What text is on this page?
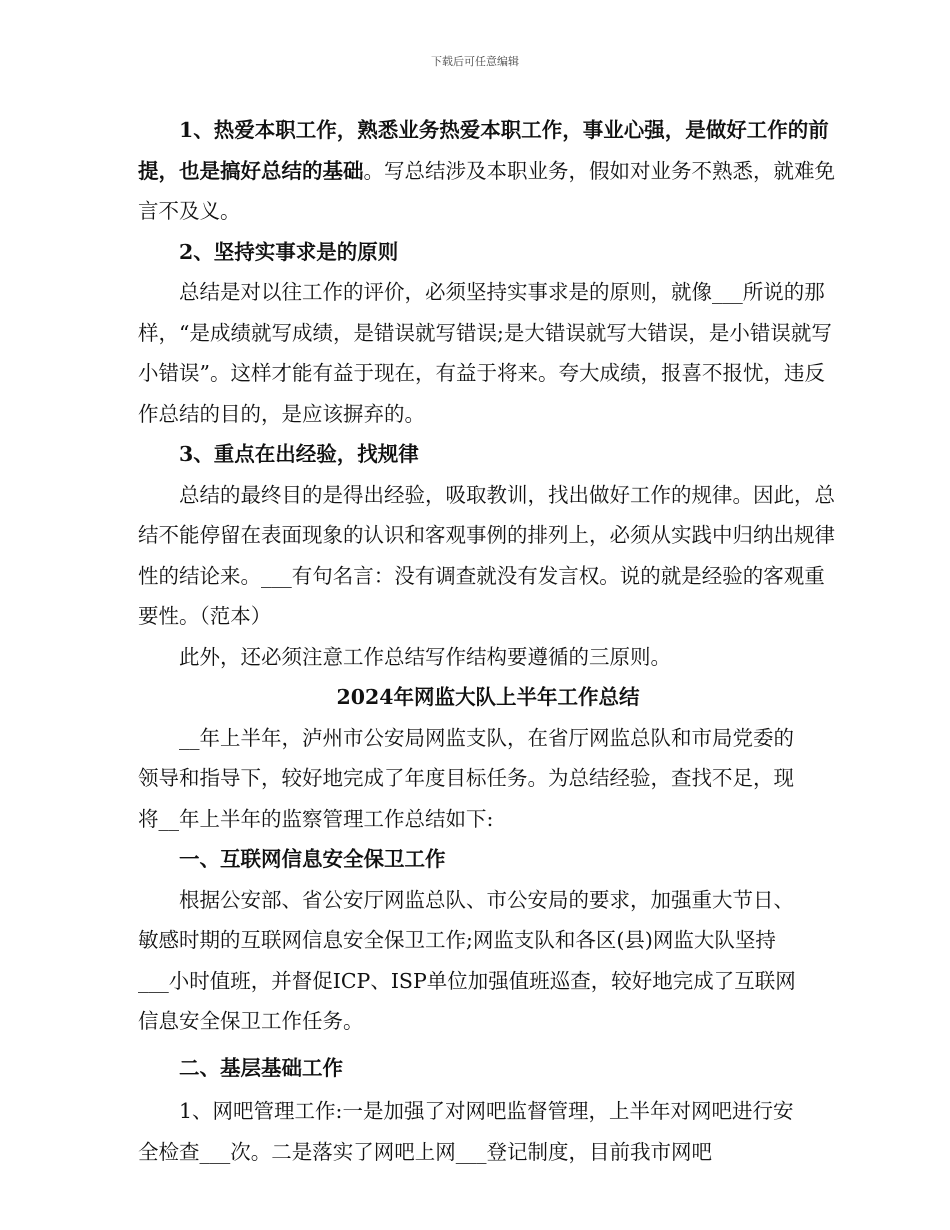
下载后可任意编辑

1、热爱本职工作，熟悉业务热爱本职工作，事业心强，是做好工作的前提，也是搞好总结的基础。写总结涉及本职业务，假如对业务不熟悉，就难免言不及义。

2、坚持实事求是的原则

总结是对以往工作的评价，必须坚持实事求是的原则，就像___所说的那样，“是成绩就写成绩，是错误就写错误;是大错误就写大错误，是小错误就写小错误”。这样才能有益于现在，有益于将来。夸大成绩，报喜不报忧，违反作总结的目的，是应该摒弃的。

3、重点在出经验，找规律

总结的最终目的是得出经验，吸取教训，找出做好工作的规律。因此，总结不能停留在表面现象的认识和客观事例的排列上，必须从实践中归纳出规律性的结论来。___有句名言：没有调查就没有发言权。说的就是经验的客观重要性。（范本）

此外，还必须注意工作总结写作结构要遵循的三原则。

2024年网监大队上半年工作总结

__年上半年，泸州市公安局网监支队，在省厅网监总队和市局党委的领导和指导下，较好地完成了年度目标任务。为总结经验，查找不足，现将__年上半年的监察管理工作总结如下:

一、互联网信息安全保卫工作

根据公安部、省公安厅网监总队、市公安局的要求，加强重大节日、敏感时期的互联网信息安全保卫工作;网监支队和各区(县)网监大队坚持___小时值班，并督促ICP、ISP单位加强值班巡查，较好地完成了互联网信息安全保卫工作任务。

二、基层基础工作

1、网吧管理工作:一是加强了对网吧监督管理，上半年对网吧进行安全检查___次。二是落实了网吧上网___登记制度，目前我市网吧
